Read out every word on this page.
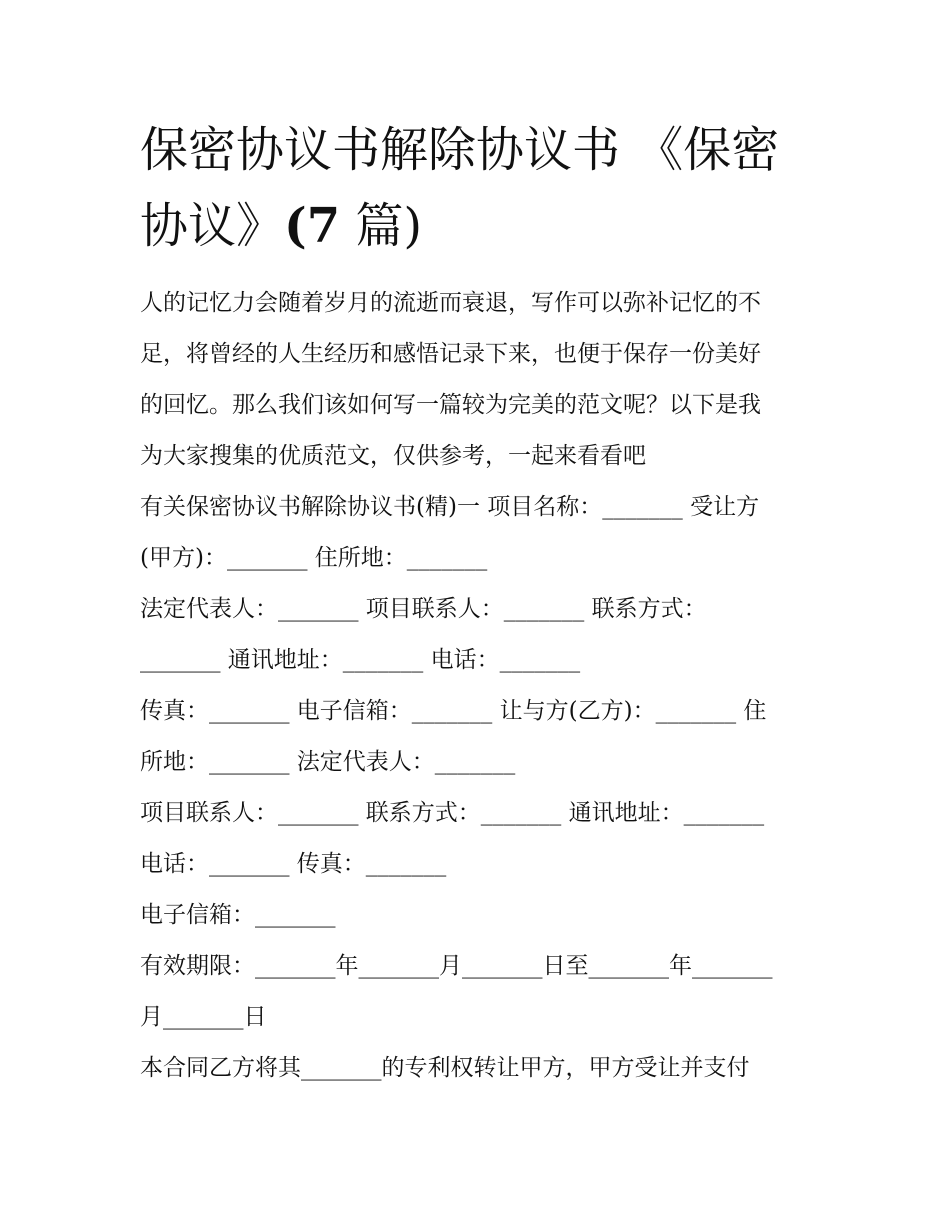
保密协议书解除协议书 《保密
协议》(7 篇)
人的记忆力会随着岁月的流逝而衰退，写作可以弥补记忆的不
足，将曾经的人生经历和感悟记录下来，也便于保存一份美好
的回忆。那么我们该如何写一篇较为完美的范文呢？以下是我
为大家搜集的优质范文，仅供参考，一起来看看吧
有关保密协议书解除协议书(精)一 项目名称：_______ 受让方
(甲方)：_______ 住所地：_______
法定代表人：_______ 项目联系人：_______ 联系方式：
_______ 通讯地址：_______ 电话：_______
传真：_______ 电子信箱：_______ 让与方(乙方)：_______ 住
所地：_______ 法定代表人：_______
项目联系人：_______ 联系方式：_______ 通讯地址：_______
电话：_______ 传真：_______
电子信箱：_______
有效期限：_______年_______月_______日至_______年_______
月_______日
本合同乙方将其_______的专利权转让甲方，甲方受让并支付
